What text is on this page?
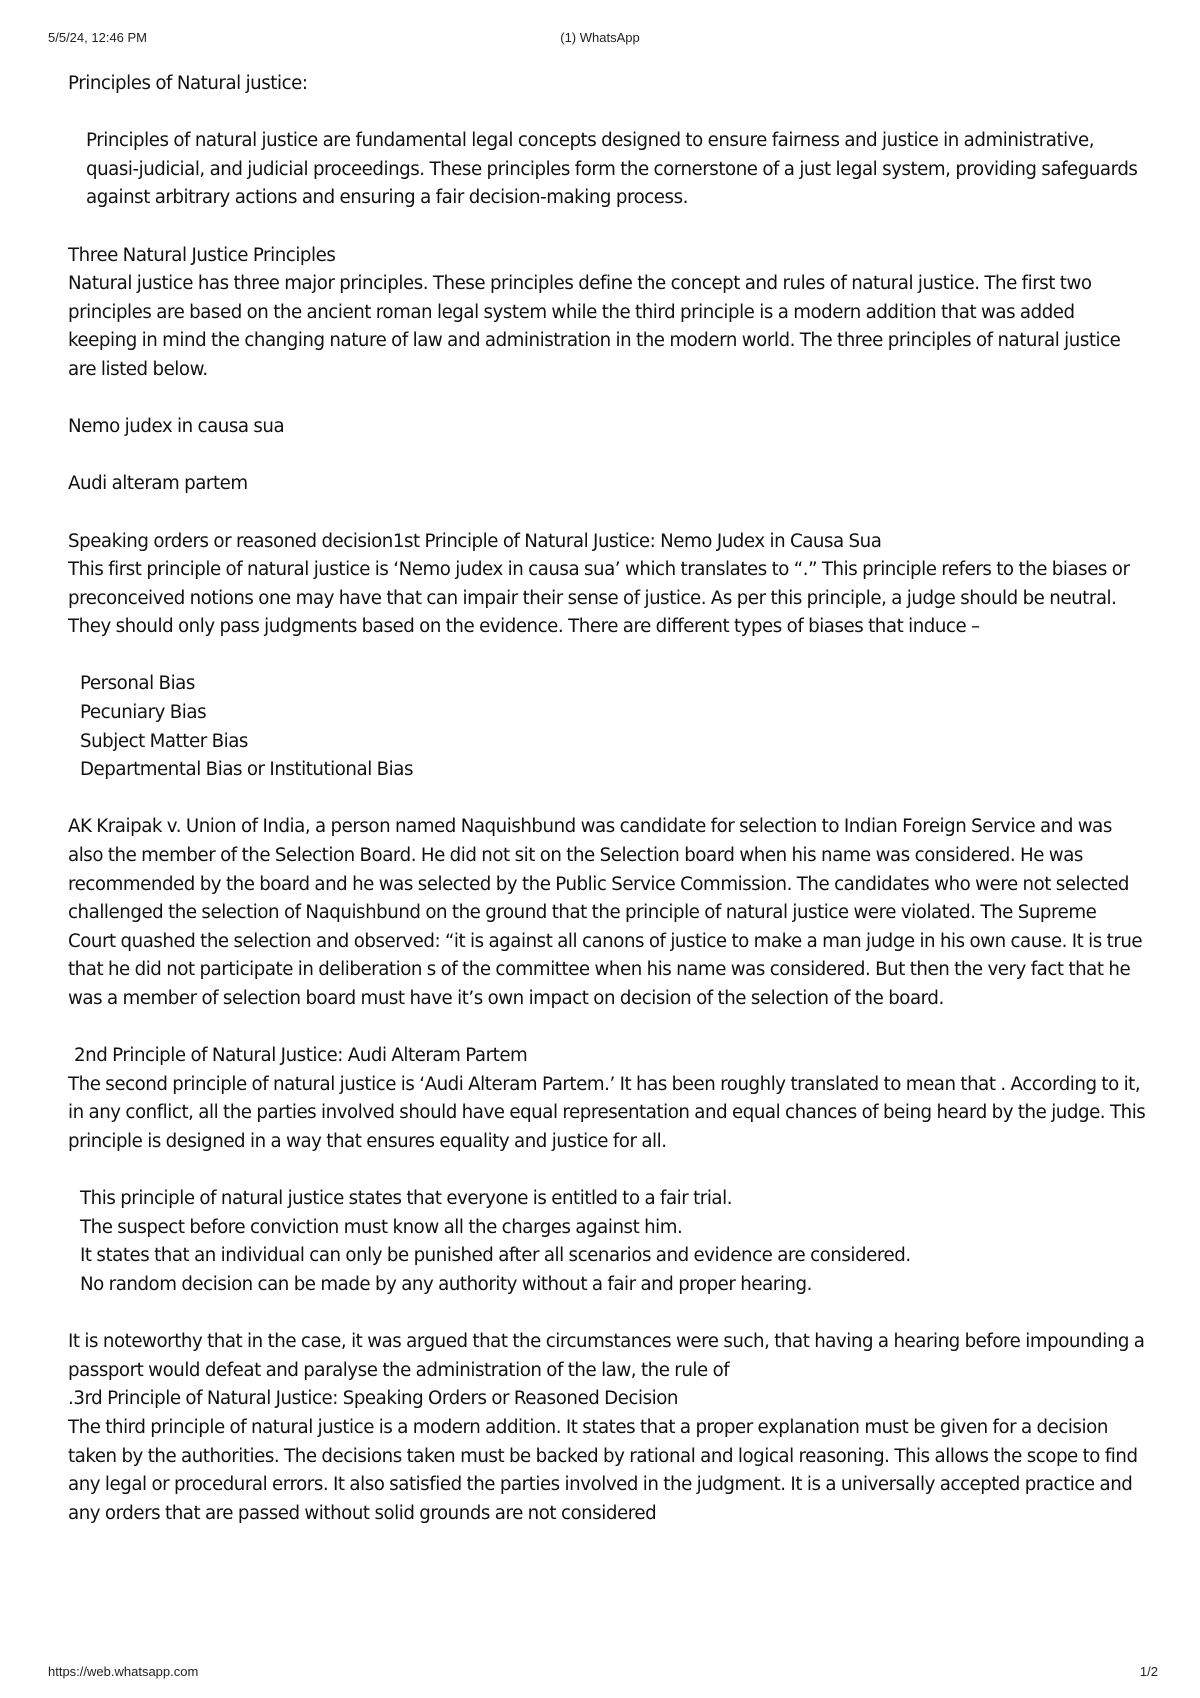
(1) WhatsApp
5/5/24, 12:46 PM

Principles of Natural justice:

Principles of natural justice are fundamental legal concepts designed to ensure fairness and justice in administrative, quasi-judicial, and judicial proceedings. These principles form the cornerstone of a just legal system, providing safeguards against arbitrary actions and ensuring a fair decision-making process.

Three Natural Justice Principles

Natural justice has three major principles. These principles define the concept and rules of natural justice. The first two principles are based on the ancient roman legal system while the third principle is a modern addition that was added keeping in mind the changing nature of law and administration in the modern world. The three principles of natural justice are listed below.

Nemo judex in causa sua

Audi alteram partem

Speaking orders or reasoned decision1st Principle of Natural Justice: Nemo Judex in Causa Sua

This first principle of natural justice is ‘Nemo judex in causa sua’ which translates to “.” This principle refers to the biases or preconceived notions one may have that can impair their sense of justice. As per this principle, a judge should be neutral. They should only pass judgments based on the evidence. There are different types of biases that induce –

Personal Bias

Pecuniary Bias

Subject Matter Bias

Departmental Bias or Institutional Bias

AK Kraipak v. Union of India, a person named Naquishbund was candidate for selection to Indian Foreign Service and was also the member of the Selection Board. He did not sit on the Selection board when his name was considered. He was recommended by the board and he was selected by the Public Service Commission. The candidates who were not selected challenged the selection of Naquishbund on the ground that the principle of natural justice were violated. The Supreme Court quashed the selection and observed: “it is against all canons of justice to make a man judge in his own cause. It is true that he did not participate in deliberation s of the committee when his name was considered. But then the very fact that he was a member of selection board must have it’s own impact on decision of the selection of the board.

2nd Principle of Natural Justice: Audi Alteram Partem

The second principle of natural justice is ‘Audi Alteram Partem.’ It has been roughly translated to mean that . According to it, in any conflict, all the parties involved should have equal representation and equal chances of being heard by the judge. This principle is designed in a way that ensures equality and justice for all.

This principle of natural justice states that everyone is entitled to a fair trial.

The suspect before conviction must know all the charges against him.

It states that an individual can only be punished after all scenarios and evidence are considered.

No random decision can be made by any authority without a fair and proper hearing.

It is noteworthy that in the case, it was argued that the circumstances were such, that having a hearing before impounding a passport would defeat and paralyse the administration of the law, the rule of

.3rd Principle of Natural Justice: Speaking Orders or Reasoned Decision

The third principle of natural justice is a modern addition. It states that a proper explanation must be given for a decision taken by the authorities. The decisions taken must be backed by rational and logical reasoning. This allows the scope to find any legal or procedural errors. It also satisfied the parties involved in the judgment. It is a universally accepted practice and any orders that are passed without solid grounds are not considered

https://web.whatsapp.com	1/2
